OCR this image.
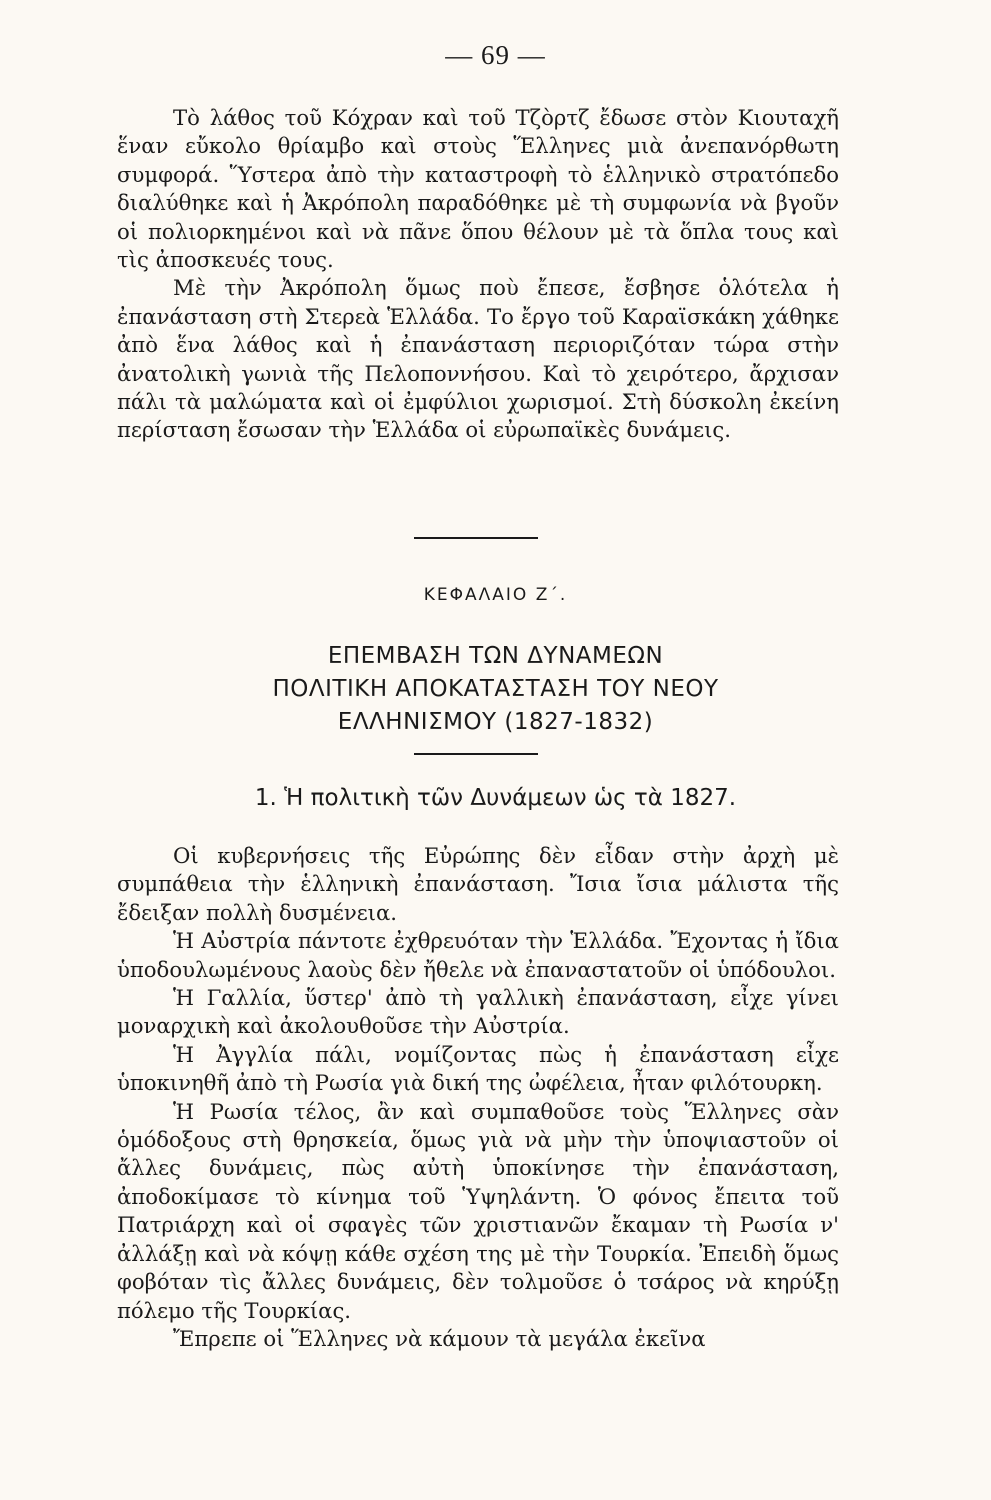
— 69 —

Τὸ λάθος τοῦ Κόχραν καὶ τοῦ Τζὸρτζ ἔδωσε στὸν Κιουταχῆ ἕναν εὔκολο θρίαμβο καὶ στοὺς Ἕλληνες μιὰ ἀνεπανόρθωτη συμφορά. Ὕστερα ἀπὸ τὴν καταστροφὴ τὸ ἑλληνικὸ στρατόπεδο διαλύθηκε καὶ ἡ Ἀκρόπολη παραδόθηκε μὲ τὴ συμφωνία νὰ βγοῦν οἱ πολιορκημένοι καὶ νὰ πᾶνε ὅπου θέλουν μὲ τὰ ὅπλα τους καὶ τὶς ἀποσκευές τους.

Μὲ τὴν Ἀκρόπολη ὅμως ποὺ ἔπεσε, ἔσβησε ὁλότελα ἡ ἐπανάσταση στὴ Στερεὰ Ἑλλάδα. Το ἔργο τοῦ Καραϊσκάκη χάθηκε ἀπὸ ἕνα λάθος καὶ ἡ ἐπανάσταση περιοριζόταν τώρα στὴν ἀνατολικὴ γωνιὰ τῆς Πελοποννήσου. Καὶ τὸ χειρότερο, ἄρχισαν πάλι τὰ μαλώματα καὶ οἱ ἐμφύλιοι χωρισμοί. Στὴ δύσκολη ἐκείνη περίσταση ἔσωσαν τὴν Ἑλλάδα οἱ εὐρωπαϊκὲς δυνάμεις.

ΚΕΦΑΛΑΙΟ Ζ΄.
ΕΠΕΜΒΑΣΗ ΤΩΝ ΔΥΝΑΜΕΩΝ
ΠΟΛΙΤΙΚΗ ΑΠΟΚΑΤΑΣΤΑΣΗ ΤΟΥ ΝΕΟΥ
ΕΛΛΗΝΙΣΜΟΥ (1827-1832)
1. Ἡ πολιτικὴ τῶν Δυνάμεων ὡς τὰ 1827.

Οἱ κυβερνήσεις τῆς Εὐρώπης δὲν εἶδαν στὴν ἀρχὴ μὲ συμπάθεια τὴν ἑλληνικὴ ἐπανάσταση. Ἴσια ἴσια μάλιστα τῆς ἔδειξαν πολλὴ δυσμένεια.

Ἡ Αὐστρία πάντοτε ἐχθρευόταν τὴν Ἑλλάδα. Ἔχοντας ἡ ἴδια ὑποδουλωμένους λαοὺς δὲν ἤθελε νὰ ἐπαναστατοῦν οἱ ὑπόδουλοι.

Ἡ Γαλλία, ὕστερ' ἀπὸ τὴ γαλλικὴ ἐπανάσταση, εἶχε γίνει μοναρχικὴ καὶ ἀκολουθοῦσε τὴν Αὐστρία.

Ἡ Ἀγγλία πάλι, νομίζοντας πὼς ἡ ἐπανάσταση εἶχε ὑποκινηθῆ ἀπὸ τὴ Ρωσία γιὰ δική της ὠφέλεια, ἦταν φιλότουρκη.

Ἡ Ρωσία τέλος, ἂν καὶ συμπαθοῦσε τοὺς Ἕλληνες σὰν ὁμόδοξους στὴ θρησκεία, ὅμως γιὰ νὰ μὴν τὴν ὑποψιαστοῦν οἱ ἄλλες δυνάμεις, πὼς αὐτὴ ὑποκίνησε τὴν ἐπανάσταση, ἀποδοκίμασε τὸ κίνημα τοῦ Ὑψηλάντη. Ὁ φόνος ἔπειτα τοῦ Πατριάρχη καὶ οἱ σφαγὲς τῶν χριστιανῶν ἔκαμαν τὴ Ρωσία ν' ἀλλάξῃ καὶ νὰ κόψῃ κάθε σχέση της μὲ τὴν Τουρκία. Ἐπειδὴ ὅμως φοβόταν τὶς ἄλλες δυνάμεις, δὲν τολμοῦσε ὁ τσάρος νὰ κηρύξῃ πόλεμο τῆς Τουρκίας.

Ἔπρεπε οἱ Ἕλληνες νὰ κάμουν τὰ μεγάλα ἐκεῖνα
